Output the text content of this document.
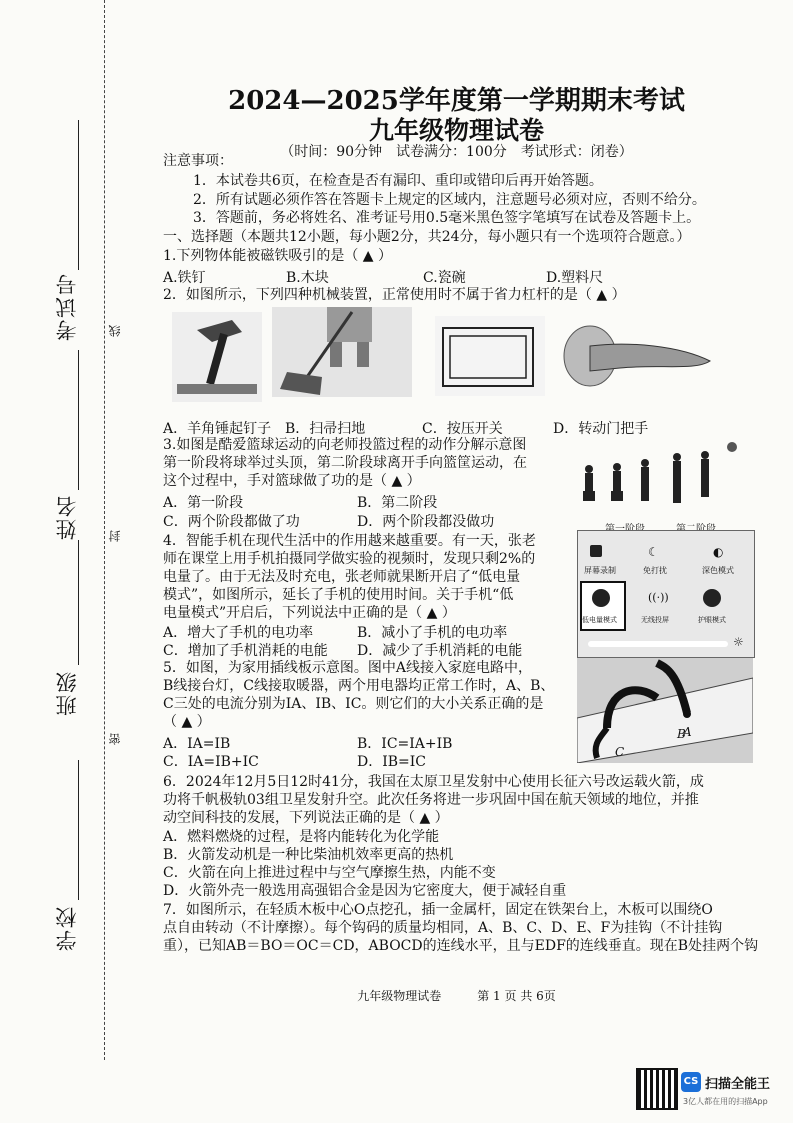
考试号
姓名
班级
学校
线
封
密
2024—2025学年度第一学期期末考试
九年级物理试卷
（时间：90分钟　试卷满分：100分　考试形式：闭卷）
注意事项：
1．本试卷共6页，在检查是否有漏印、重印或错印后再开始答题。
2．所有试题必须作答在答题卡上规定的区域内，注意题号必须对应，否则不给分。
3．答题前，务必将姓名、准考证号用0.5毫米黑色签字笔填写在试卷及答题卡上。
一、选择题（本题共12小题，每小题2分，共24分，每小题只有一个选项符合题意。）
1.下列物体能被磁铁吸引的是（ ▲ ）
A.铁钉	B.木块	C.瓷碗	D.塑料尺
2．如图所示，下列四种机械装置，正常使用时不属于省力杠杆的是（ ▲ ）
A．羊角锤起钉子 B．扫帚扫地	C．按压开关	D．转动门把手
3.如图是酷爱篮球运动的向老师投篮过程的动作分解示意图
第一阶段将球举过头顶，第二阶段球离开手向篮筐运动，在
这个过程中，手对篮球做了功的是（ ▲ ）
A．第一阶段	B．第二阶段
C．两个阶段都做了功	D．两个阶段都没做功
4．智能手机在现代生活中的作用越来越重要。有一天，张老
师在课堂上用手机拍摄同学做实验的视频时，发现只剩2%的
电量了。由于无法及时充电，张老师就果断开启了“低电量
模式”，如图所示，延长了手机的使用时间。关于手机“低
电量模式”开启后，下列说法中正确的是（ ▲ ）
A．增大了手机的电功率	B．减小了手机的电功率
C．增加了手机消耗的电能 D．减少了手机消耗的电能
屏幕录制
☾
免打扰
◐
深色模式
低电量模式
((·))
无线投屏	护眼模式
☼
5．如图，为家用插线板示意图。图中A线接入家庭电路中，
B线接台灯，C线接取暖器，两个用电器均正常工作时，A、B、
C三处的电流分别为IA、IB、IC。则它们的大小关系正确的是
（ ▲ ）
A．IA=IB	B．IC=IA+IB
C．IA=IB+IC	D．IB=IC
A
B
C
6．2024年12月5日12时41分，我国在太原卫星发射中心使用长征六号改运载火箭，成
功将千帆极轨03组卫星发射升空。此次任务将进一步巩固中国在航天领域的地位，并推
动空间科技的发展，下列说法正确的是（ ▲ ）
A．燃料燃烧的过程，是将内能转化为化学能
B．火箭发动机是一种比柴油机效率更高的热机
C．火箭在向上推进过程中与空气摩擦生热，内能不变
D．火箭外壳一般选用高强铝合金是因为它密度大，便于减轻自重
7．如图所示，在轻质木板中心O点挖孔，插一金属杆，固定在铁架台上，木板可以围绕O
点自由转动（不计摩擦）。每个钩码的质量均相同，A、B、C、D、E、F为挂钩（不计挂钩
重），已知AB＝BO＝OC＝CD，ABOCD的连线水平，且与EDF的连线垂直。现在B处挂两个钩
九年级物理试卷　　　第 1 页 共 6页
CS 扫描全能王
3亿人都在用的扫描App
